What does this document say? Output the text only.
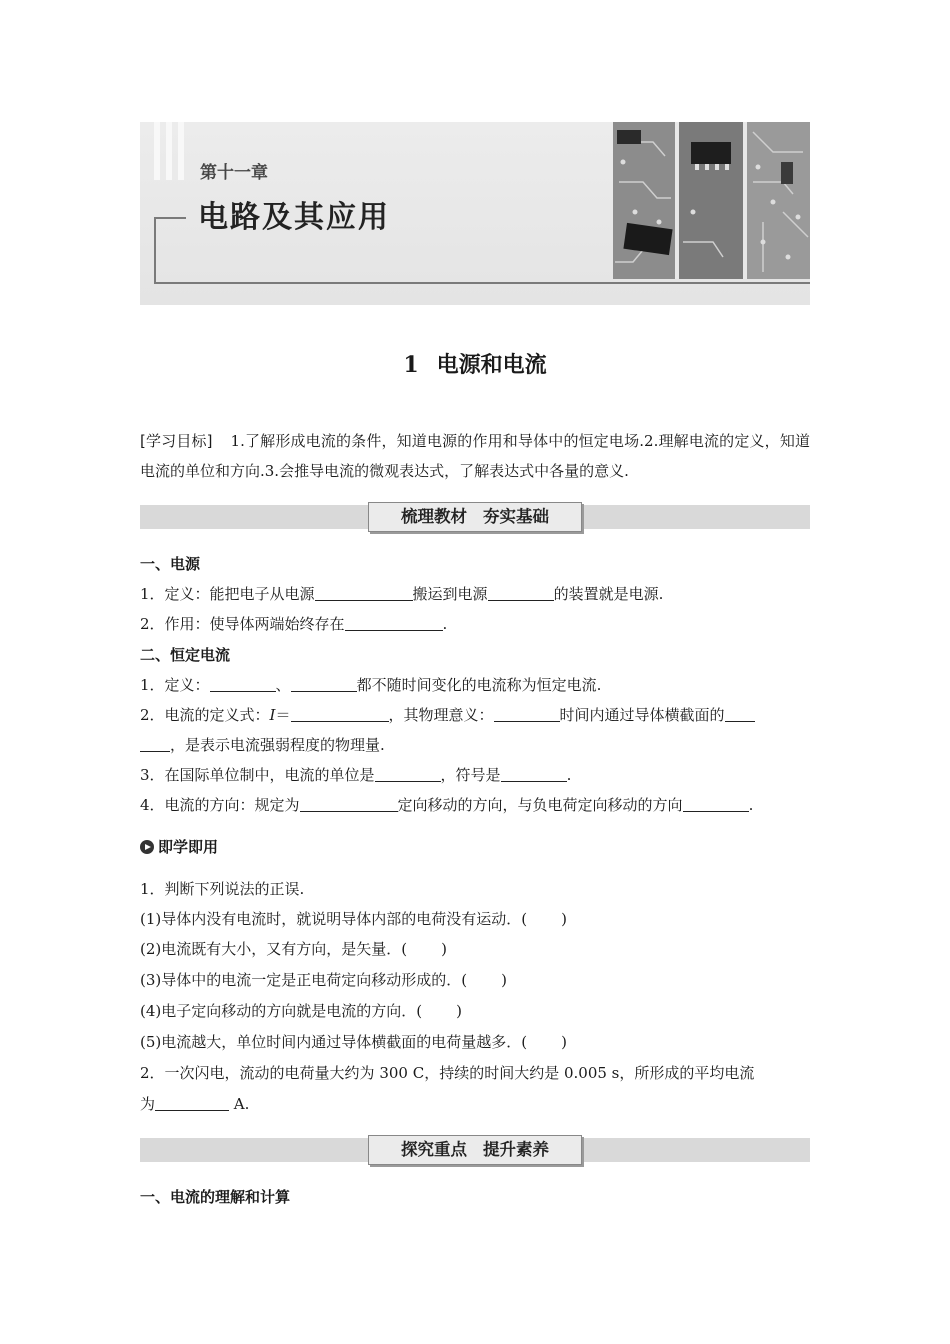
第十一章
电路及其应用
1 电源和电流
[学习目标] 1.了解形成电流的条件，知道电源的作用和导体中的恒定电场.2.理解电流的定义，知道电流的单位和方向.3.会推导电流的微观表达式，了解表达式中各量的意义.
梳理教材 夯实基础
一、电源
1．定义：能把电子从电源	搬运到电源	的装置就是电源.
2．作用：使导体两端始终存在	.
二、恒定电流
1．定义：	、	都不随时间变化的电流称为恒定电流.
2．电流的定义式：I＝	，其物理意义：	时间内通过导体横截面的
，是表示电流强弱程度的物理量.
3．在国际单位制中，电流的单位是	，符号是	.
4．电流的方向：规定为	定向移动的方向，与负电荷定向移动的方向	.
即学即用
1．判断下列说法的正误.
(1)导体内没有电流时，就说明导体内部的电荷没有运动．( )
(2)电流既有大小，又有方向，是矢量．( )
(3)导体中的电流一定是正电荷定向移动形成的．( )
(4)电子定向移动的方向就是电流的方向．( )
(5)电流越大，单位时间内通过导体横截面的电荷量越多．( )
2．一次闪电，流动的电荷量大约为 300 C，持续的时间大约是 0.005 s，所形成的平均电流
为	A.
探究重点 提升素养
一、电流的理解和计算
